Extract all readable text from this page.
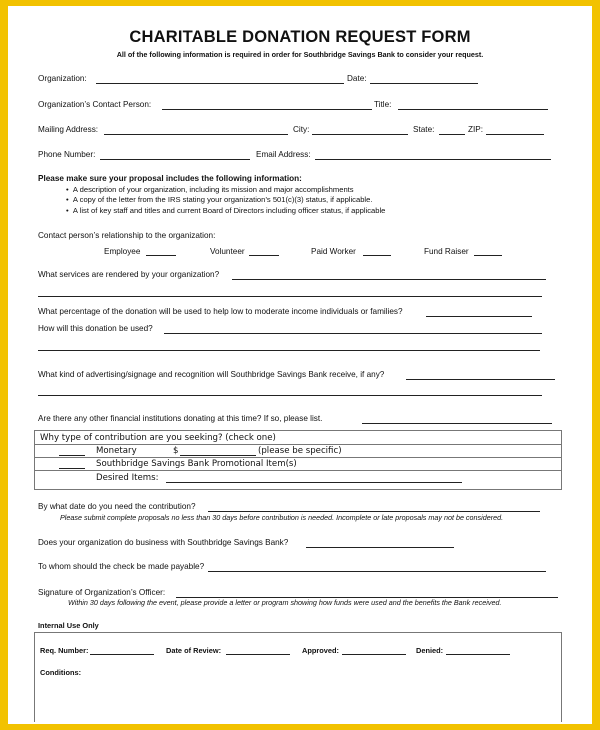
CHARITABLE DONATION REQUEST FORM
All of the following information is required in order for Southbridge Savings Bank to consider your request.
Organization:	Date:
Organization’s Contact Person:	Title:
Mailing Address:	City:	State:	ZIP:
Phone Number:	Email Address:
Please make sure your proposal includes the following information:
•  A description of your organization, including its mission and major accomplishments
•  A copy of the letter from the IRS stating your organization’s 501(c)(3) status, if applicable.
•  A list of key staff and titles and current Board of Directors including officer status, if applicable
Contact person’s relationship to the organization:
Employee	Volunteer	Paid Worker	Fund Raiser
What services are rendered by your organization?
What percentage of the donation will be used to help low to moderate income individuals or families?
How will this donation be used?
What kind of advertising/signage and recognition will Southbridge Savings Bank receive, if any?
Are there any other financial institutions donating at this time? If so, please list.
Why type of contribution are you seeking? (check one)
Monetary	$	(please be specific)
Southbridge Savings Bank Promotional Item(s)
Desired Items:
By what date do you need the contribution?
Please submit complete proposals no less than 30 days before contribution is needed. Incomplete or late proposals may not be considered.
Does your organization do business with Southbridge Savings Bank?
To whom should the check be made payable?
Signature of Organization’s Officer:
Within 30 days following the event, please provide a letter or program showing how funds were used and the benefits the Bank received.
Internal Use Only
Req. Number:	Date of Review:	Approved:	Denied:
Conditions:
